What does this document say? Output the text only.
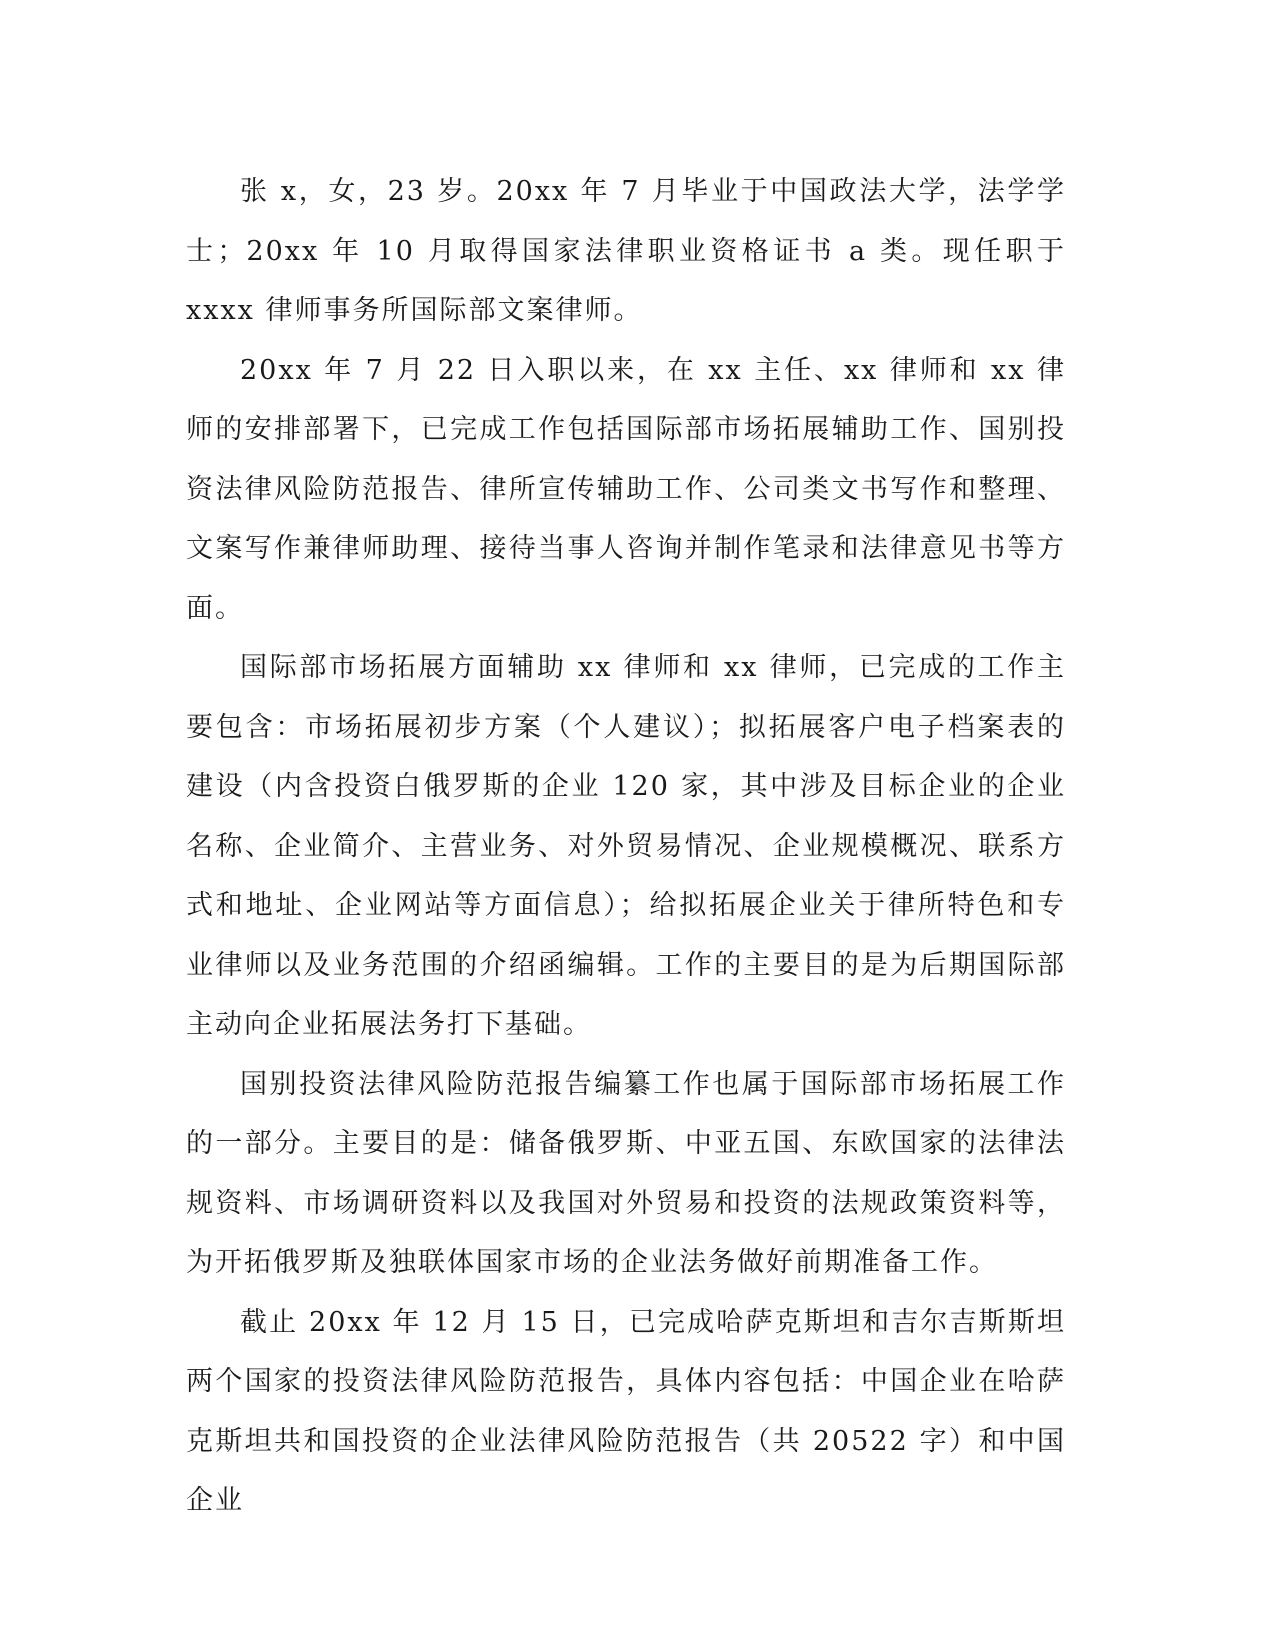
张 x，女，23 岁。20xx 年 7 月毕业于中国政法大学，法学学士；20xx 年 10 月取得国家法律职业资格证书 a 类。现任职于 xxxx 律师事务所国际部文案律师。

20xx 年 7 月 22 日入职以来，在 xx 主任、xx 律师和 xx 律师的安排部署下，已完成工作包括国际部市场拓展辅助工作、国别投资法律风险防范报告、律所宣传辅助工作、公司类文书写作和整理、文案写作兼律师助理、接待当事人咨询并制作笔录和法律意见书等方面。

国际部市场拓展方面辅助 xx 律师和 xx 律师，已完成的工作主要包含：市场拓展初步方案（个人建议）；拟拓展客户电子档案表的建设（内含投资白俄罗斯的企业 120 家，其中涉及目标企业的企业名称、企业简介、主营业务、对外贸易情况、企业规模概况、联系方式和地址、企业网站等方面信息）；给拟拓展企业关于律所特色和专业律师以及业务范围的介绍函编辑。工作的主要目的是为后期国际部主动向企业拓展法务打下基础。

国别投资法律风险防范报告编纂工作也属于国际部市场拓展工作的一部分。主要目的是：储备俄罗斯、中亚五国、东欧国家的法律法规资料、市场调研资料以及我国对外贸易和投资的法规政策资料等，为开拓俄罗斯及独联体国家市场的企业法务做好前期准备工作。

截止 20xx 年 12 月 15 日，已完成哈萨克斯坦和吉尔吉斯斯坦两个国家的投资法律风险防范报告，具体内容包括：中国企业在哈萨克斯坦共和国投资的企业法律风险防范报告（共 20522 字）和中国企业
